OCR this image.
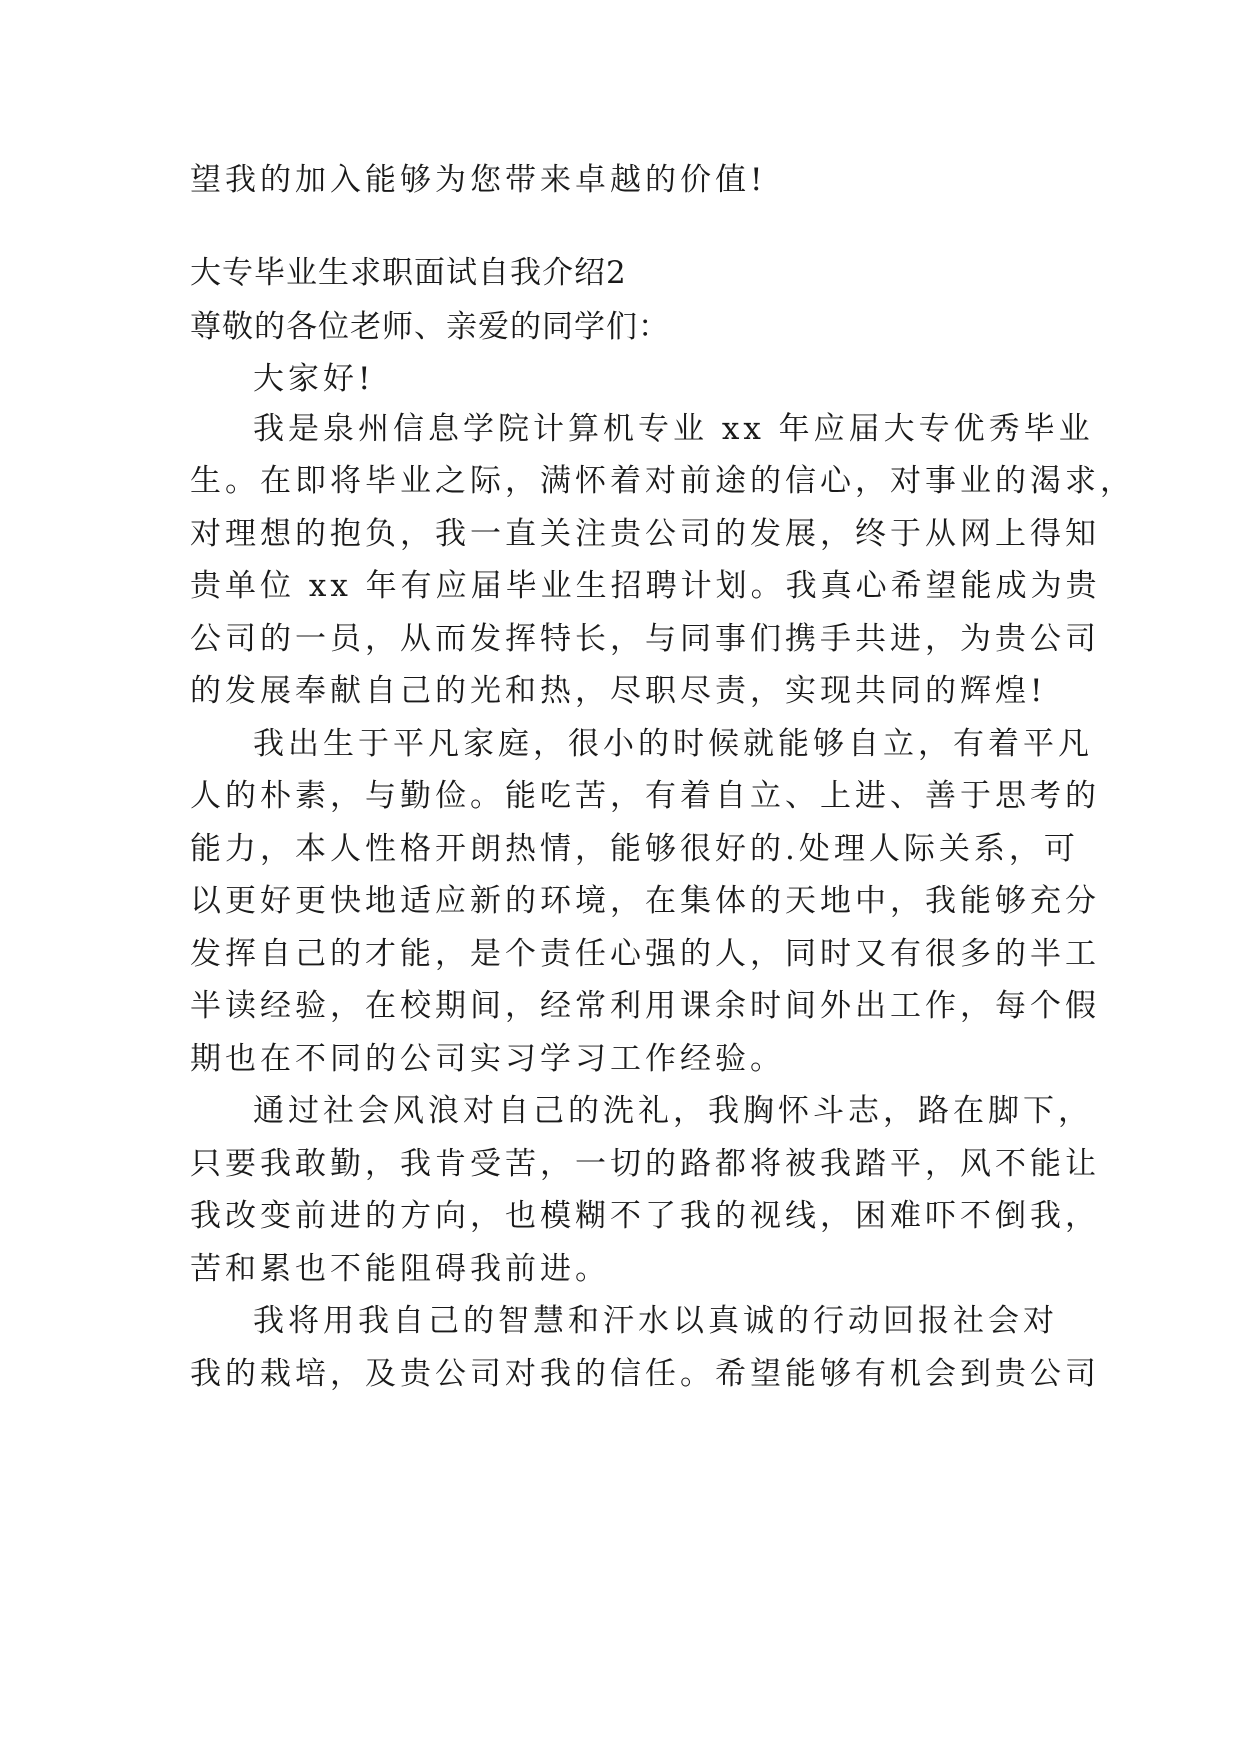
望我的加入能够为您带来卓越的价值!
大专毕业生求职面试自我介绍2
尊敬的各位老师、亲爱的同学们：
大家好!
我是泉州信息学院计算机专业 xx 年应届大专优秀毕业
生。在即将毕业之际，满怀着对前途的信心，对事业的渴求，
对理想的抱负，我一直关注贵公司的发展，终于从网上得知
贵单位 xx 年有应届毕业生招聘计划。我真心希望能成为贵
公司的一员，从而发挥特长，与同事们携手共进，为贵公司
的发展奉献自己的光和热，尽职尽责，实现共同的辉煌!
我出生于平凡家庭，很小的时候就能够自立，有着平凡
人的朴素，与勤俭。能吃苦，有着自立、上进、善于思考的
能力，本人性格开朗热情，能够很好的.处理人际关系，可
以更好更快地适应新的环境，在集体的天地中，我能够充分
发挥自己的才能，是个责任心强的人，同时又有很多的半工
半读经验，在校期间，经常利用课余时间外出工作，每个假
期也在不同的公司实习学习工作经验。
通过社会风浪对自己的洗礼，我胸怀斗志，路在脚下，
只要我敢勤，我肯受苦，一切的路都将被我踏平，风不能让
我改变前进的方向，也模糊不了我的视线，困难吓不倒我，
苦和累也不能阻碍我前进。
我将用我自己的智慧和汗水以真诚的行动回报社会对
我的栽培，及贵公司对我的信任。希望能够有机会到贵公司
